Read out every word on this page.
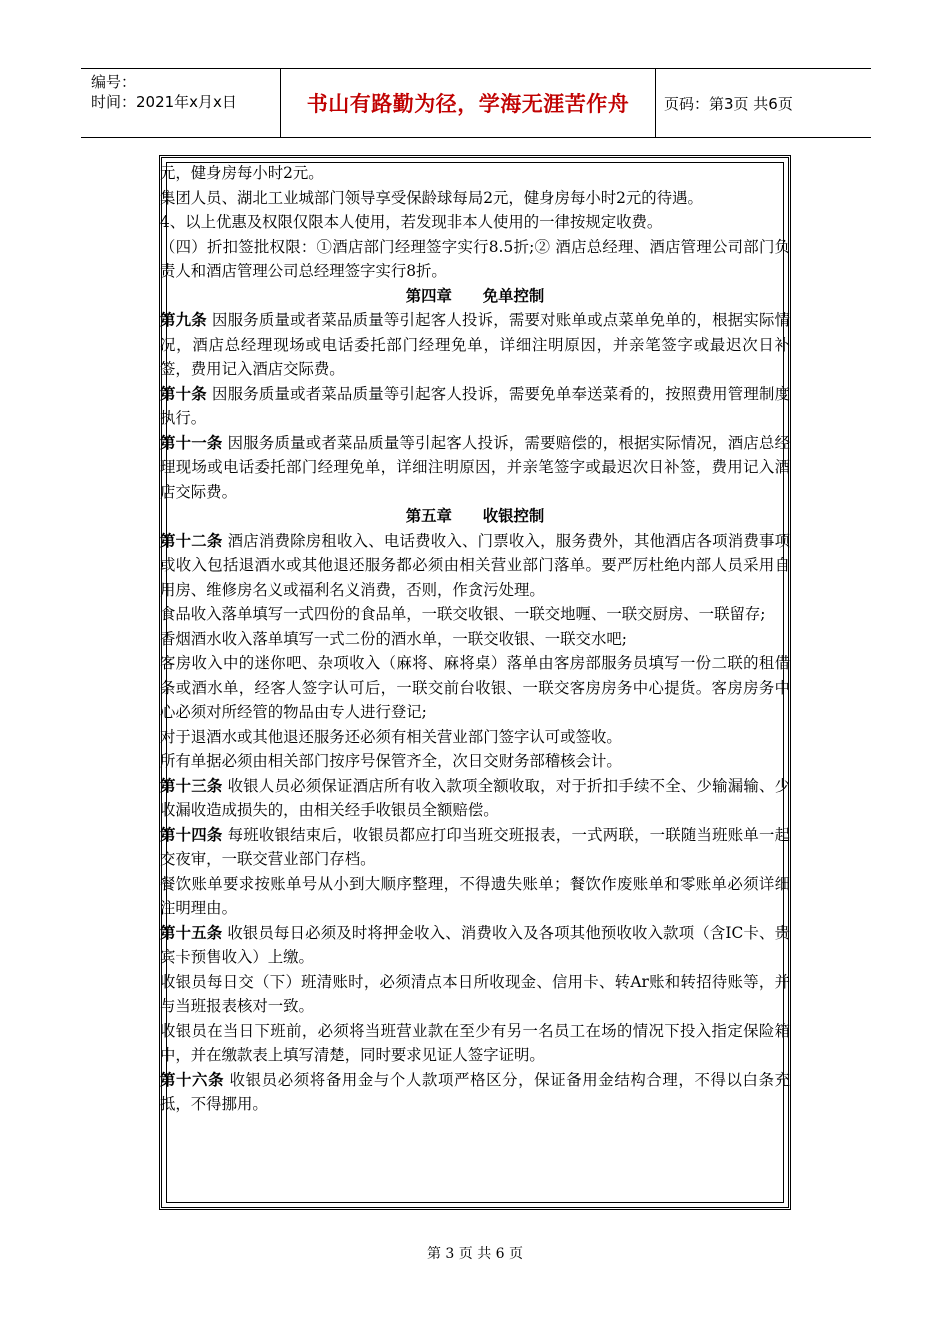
编号：
时间：2021年x月x日	书山有路勤为径，学海无涯苦作舟	页码：第3页 共6页

元，健身房每小时2元。

集团人员、湖北工业城部门领导享受保龄球每局2元，健身房每小时2元的待遇。

4、以上优惠及权限仅限本人使用，若发现非本人使用的一律按规定收费。

（四）折扣签批权限：①酒店部门经理签字实行8.5折;② 酒店总经理、酒店管理公司部门负责人和酒店管理公司总经理签字实行8折。

第四章　　免单控制

第九条 因服务质量或者菜品质量等引起客人投诉，需要对账单或点菜单免单的，根据实际情况，酒店总经理现场或电话委托部门经理免单，详细注明原因，并亲笔签字或最迟次日补签，费用记入酒店交际费。

第十条 因服务质量或者菜品质量等引起客人投诉，需要免单奉送菜肴的，按照费用管理制度执行。

第十一条 因服务质量或者菜品质量等引起客人投诉，需要赔偿的，根据实际情况，酒店总经理现场或电话委托部门经理免单，详细注明原因，并亲笔签字或最迟次日补签，费用记入酒店交际费。

第五章　　收银控制

第十二条 酒店消费除房租收入、电话费收入、门票收入，服务费外，其他酒店各项消费事项或收入包括退酒水或其他退还服务都必须由相关营业部门落单。要严厉杜绝内部人员采用自用房、维修房名义或福利名义消费，否则，作贪污处理。

食品收入落单填写一式四份的食品单，一联交收银、一联交地喱、一联交厨房、一联留存;

香烟酒水收入落单填写一式二份的酒水单，一联交收银、一联交水吧;

客房收入中的迷你吧、杂项收入（麻将、麻将桌）落单由客房部服务员填写一份二联的租借条或酒水单，经客人签字认可后，一联交前台收银、一联交客房房务中心提货。客房房务中心必须对所经管的物品由专人进行登记;

对于退酒水或其他退还服务还必须有相关营业部门签字认可或签收。

所有单据必须由相关部门按序号保管齐全，次日交财务部稽核会计。

第十三条 收银人员必须保证酒店所有收入款项全额收取，对于折扣手续不全、少输漏输、少收漏收造成损失的，由相关经手收银员全额赔偿。

第十四条 每班收银结束后，收银员都应打印当班交班报表，一式两联，一联随当班账单一起交夜审，一联交营业部门存档。

餐饮账单要求按账单号从小到大顺序整理，不得遗失账单；餐饮作废账单和零账单必须详细注明理由。

第十五条 收银员每日必须及时将押金收入、消费收入及各项其他预收收入款项（含IC卡、贵宾卡预售收入）上缴。

收银员每日交（下）班清账时，必须清点本日所收现金、信用卡、转Ar账和转招待账等，并与当班报表核对一致。

收银员在当日下班前，必须将当班营业款在至少有另一名员工在场的情况下投入指定保险箱中，并在缴款表上填写清楚，同时要求见证人签字证明。

第十六条 收银员必须将备用金与个人款项严格区分，保证备用金结构合理，不得以白条充抵，不得挪用。

第 3 页 共 6 页
